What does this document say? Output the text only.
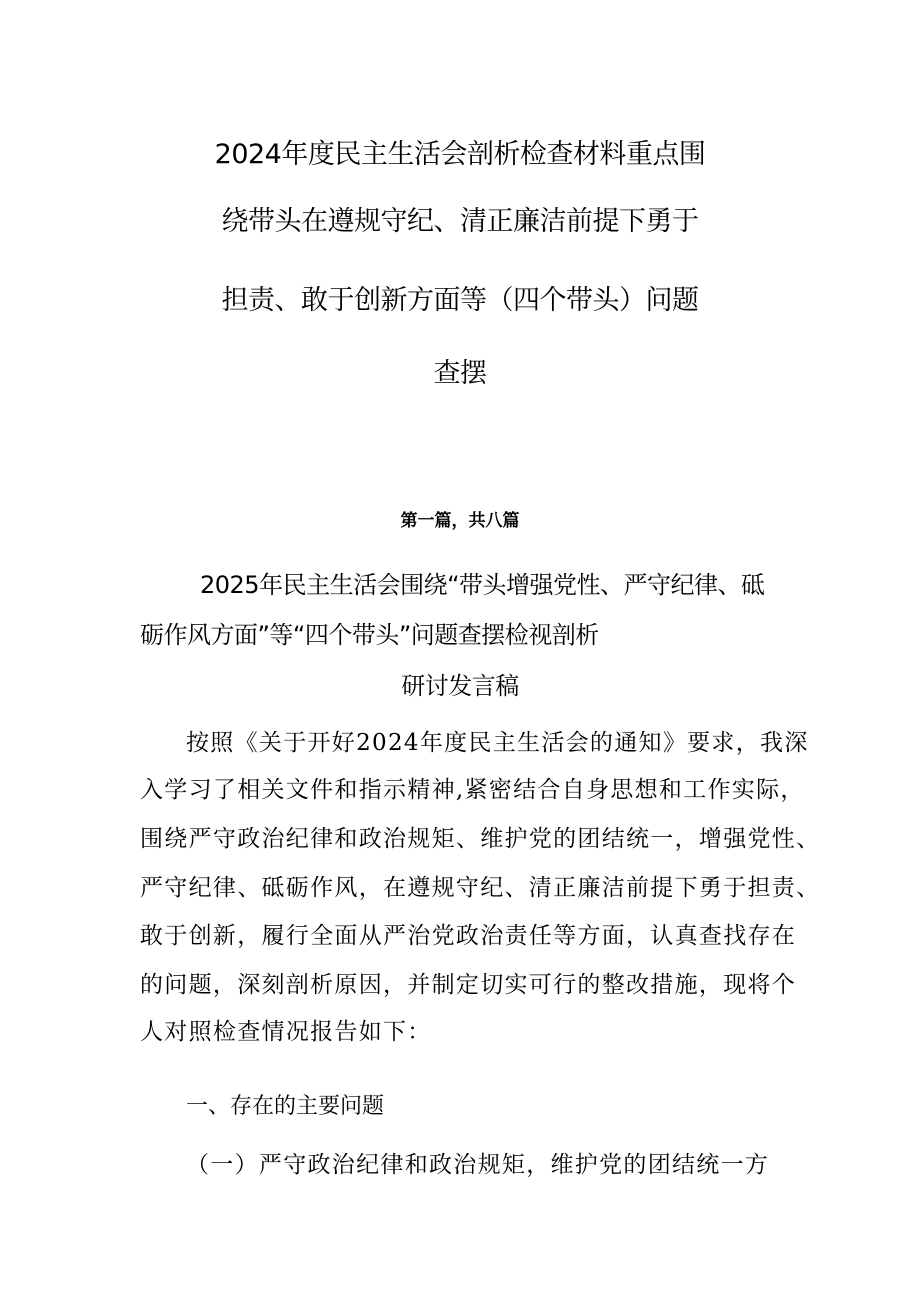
2024年度民主生活会剖析检查材料重点围
绕带头在遵规守纪、清正廉洁前提下勇于
担责、敢于创新方面等（四个带头）问题
查摆
第一篇，共八篇
2025年民主生活会围绕“带头增强党性、严守纪律、砥
砺作风方面”等“四个带头”问题查摆检视剖析
研讨发言稿
按照《关于开好2024年度民主生活会的通知》要求，我深
入学习了相关文件和指示精神,紧密结合自身思想和工作实际，
围绕严守政治纪律和政治规矩、维护党的团结统一，增强党性、
严守纪律、砥砺作风，在遵规守纪、清正廉洁前提下勇于担责、
敢于创新，履行全面从严治党政治责任等方面，认真查找存在
的问题，深刻剖析原因，并制定切实可行的整改措施，现将个
人对照检查情况报告如下：
一、存在的主要问题
（一）严守政治纪律和政治规矩，维护党的团结统一方
